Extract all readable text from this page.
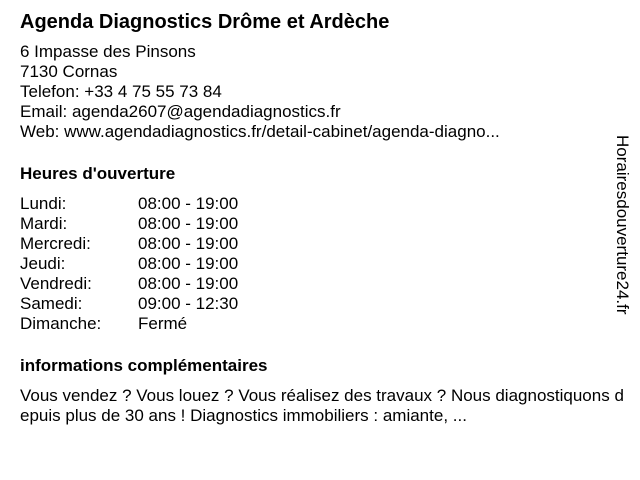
Agenda Diagnostics Drôme et Ardèche
6 Impasse des Pinsons
7130 Cornas
Telefon: +33 4 75 55 73 84
Email: agenda2607@agendadiagnostics.fr
Web: www.agendadiagnostics.fr/detail-cabinet/agenda-diagno...
Heures d'ouverture
Lundi:	08:00 - 19:00
Mardi:	08:00 - 19:00
Mercredi:	08:00 - 19:00
Jeudi:	08:00 - 19:00
Vendredi:	08:00 - 19:00
Samedi:	09:00 - 12:30
Dimanche:	Fermé
informations complémentaires
Vous vendez ? Vous louez ? Vous réalisez des travaux ? Nous diagnostiquons depuis plus de 30 ans ! Diagnostics immobiliers : amiante, ...
Horairesdouverture24.fr
